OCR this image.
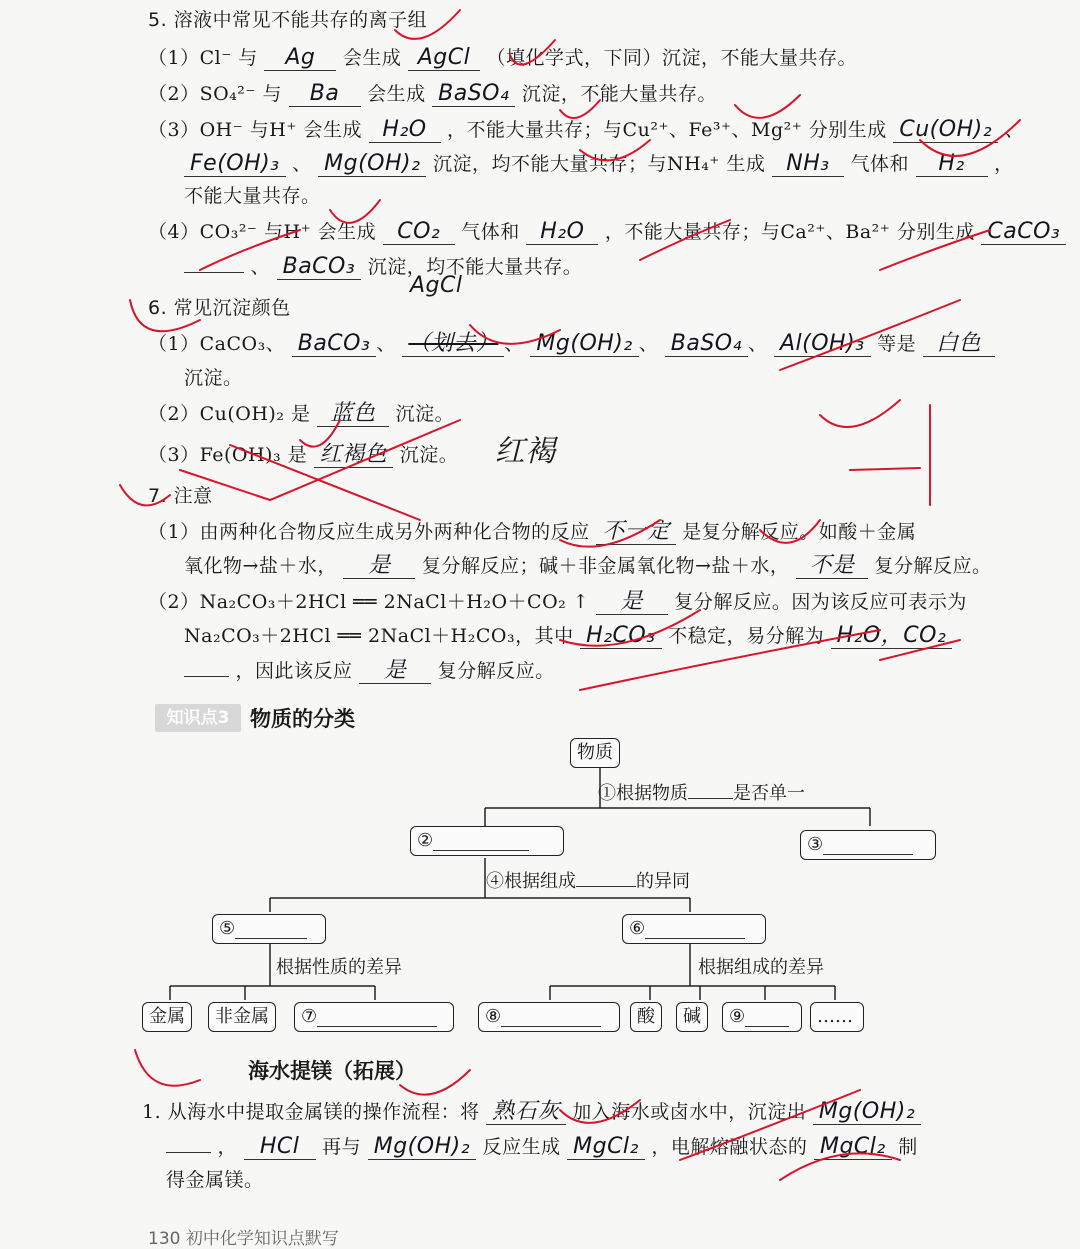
5. 溶液中常见不能共存的离子组
（1）Cl⁻ 与 Ag 会生成 AgCl （填化学式，下同）沉淀，不能大量共存。
（2）SO₄²⁻ 与 Ba 会生成 BaSO₄ 沉淀，不能大量共存。
（3）OH⁻ 与H⁺ 会生成 H₂O ，不能大量共存；与Cu²⁺、Fe³⁺、Mg²⁺ 分别生成 Cu(OH)₂ 、
Fe(OH)₃ 、 Mg(OH)₂ 沉淀，均不能大量共存；与NH₄⁺ 生成 NH₃ 气体和 H₂ ，
不能大量共存。
（4）CO₃²⁻ 与H⁺ 会生成 CO₂ 气体和 H₂O ，不能大量共存；与Ca²⁺、Ba²⁺ 分别生成 CaCO₃
、 BaCO₃ 沉淀，均不能大量共存。
6. 常见沉淀颜色
AgCl
（1）CaCO₃、 BaCO₃ 、 （划去） 、 Mg(OH)₂ 、 BaSO₄ 、 Al(OH)₃ 等是 白色
沉淀。
（2）Cu(OH)₂ 是 蓝色 沉淀。
（3）Fe(OH)₃ 是 红褐色 沉淀。 红褐
7. 注意
（1）由两种化合物反应生成另外两种化合物的反应 不一定 是复分解反应。如酸＋金属
氧化物→盐＋水， 是 复分解反应；碱＋非金属氧化物→盐＋水， 不是 复分解反应。
（2）Na₂CO₃＋2HCl ══ 2NaCl＋H₂O＋CO₂ ↑ 是 复分解反应。因为该反应可表示为
Na₂CO₃＋2HCl ══ 2NaCl＋H₂CO₃，其中 H₂CO₃ 不稳定，易分解为 H₂O，CO₂
，因此该反应 是 复分解反应。
知识点3 物质的分类
物质
①根据物质	是否单一
②	③
④根据组成	的异同
⑤	⑥
根据性质的差异	根据组成的差异
金属	非金属	⑦	⑧	酸	碱	⑨	……
海水提镁（拓展）
1. 从海水中提取金属镁的操作流程：将 熟石灰 加入海水或卤水中，沉淀出 Mg(OH)₂
， HCl 再与 Mg(OH)₂ 反应生成 MgCl₂ ，电解熔融状态的 MgCl₂ 制
得金属镁。
130 初中化学知识点默写
